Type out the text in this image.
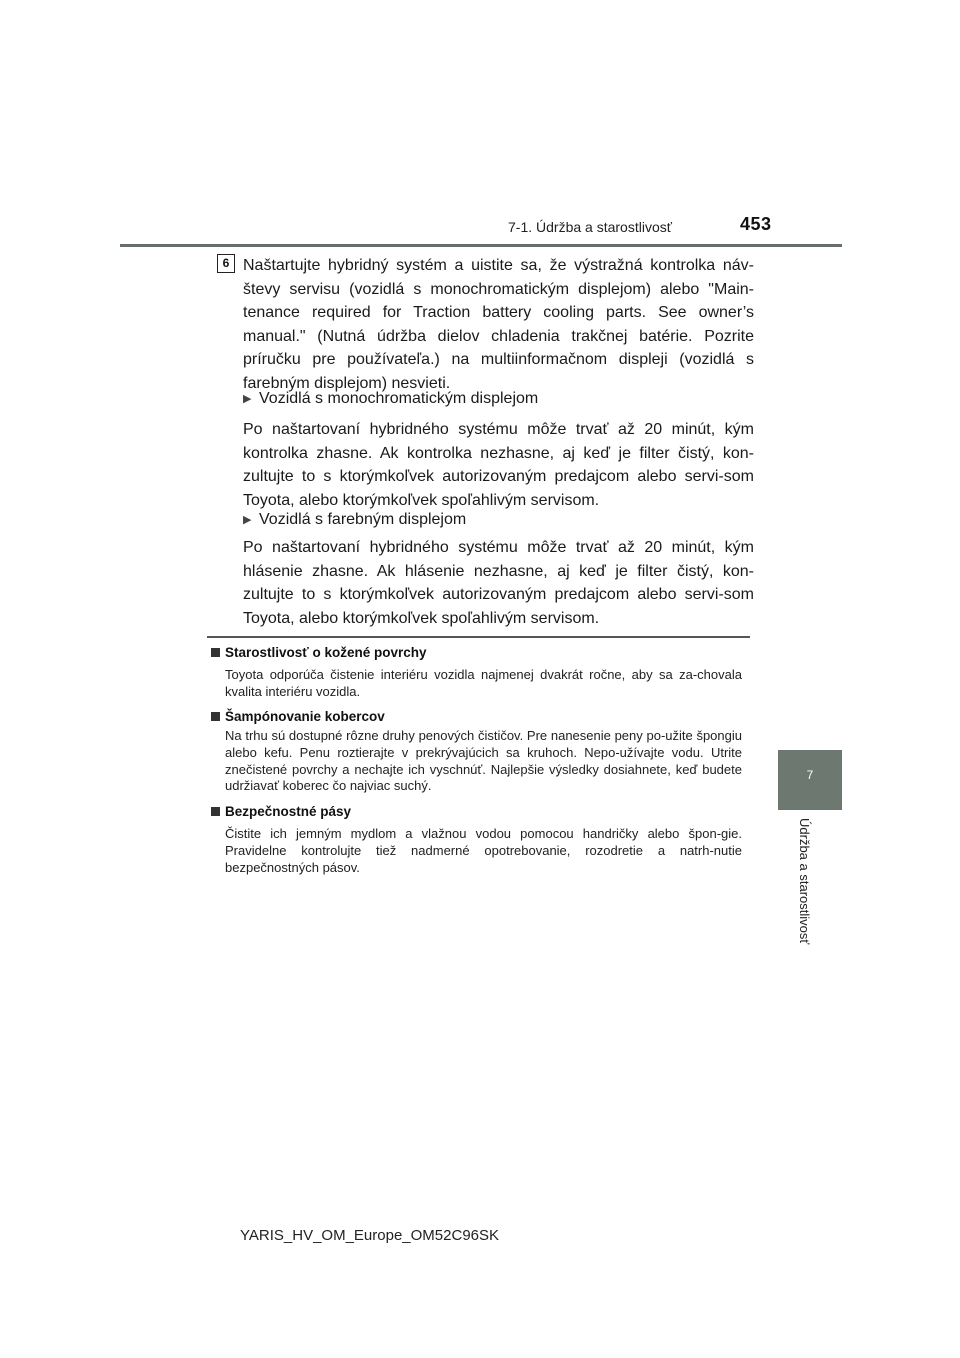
7-1. Údržba a starostlivosť	453
7
Údržba a starostlivosť
6 Naštartujte hybridný systém a uistite sa, že výstražná kontrolka náv-števy servisu (vozidlá s monochromatickým displejom) alebo "Main-tenance required for Traction battery cooling parts. See owner’s manual." (Nutná údržba dielov chladenia trakčnej batérie. Pozrite príručku pre používateľa.) na multiinformačnom displeji (vozidlá s farebným displejom) nesvieti.
▶ Vozidlá s monochromatickým displejom
Po naštartovaní hybridného systému môže trvať až 20 minút, kým kontrolka zhasne. Ak kontrolka nezhasne, aj keď je filter čistý, kon-zultujte to s ktorýmkoľvek autorizovaným predajcom alebo servi-som Toyota, alebo ktorýmkoľvek spoľahlivým servisom.
▶ Vozidlá s farebným displejom
Po naštartovaní hybridného systému môže trvať až 20 minút, kým hlásenie zhasne. Ak hlásenie nezhasne, aj keď je filter čistý, kon-zultujte to s ktorýmkoľvek autorizovaným predajcom alebo servi-som Toyota, alebo ktorýmkoľvek spoľahlivým servisom.
Starostlivosť o kožené povrchy
Toyota odporúča čistenie interiéru vozidla najmenej dvakrát ročne, aby sa za-chovala kvalita interiéru vozidla.
Šampónovanie kobercov
Na trhu sú dostupné rôzne druhy penových čističov. Pre nanesenie peny po-užite špongiu alebo kefu. Penu roztierajte v prekrývajúcich sa kruhoch. Nepo-užívajte vodu. Utrite znečistené povrchy a nechajte ich vyschnúť. Najlepšie výsledky dosiahnete, keď budete udržiavať koberec čo najviac suchý.
Bezpečnostné pásy
Čistite ich jemným mydlom a vlažnou vodou pomocou handričky alebo špon-gie. Pravidelne kontrolujte tiež nadmerné opotrebovanie, rozodretie a natrh-nutie bezpečnostných pásov.
YARIS_HV_OM_Europe_OM52C96SK
